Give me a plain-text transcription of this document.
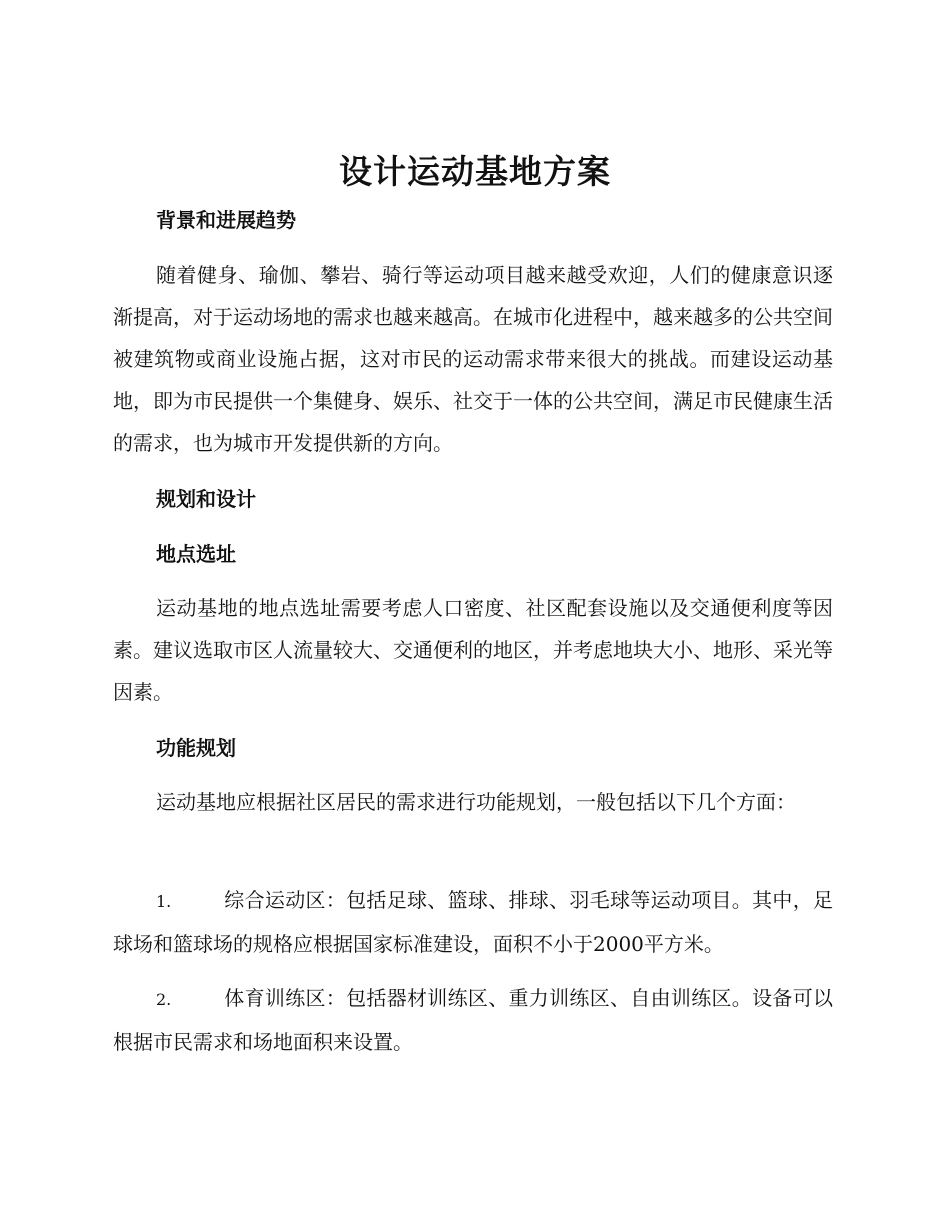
设计运动基地方案
背景和进展趋势
随着健身、瑜伽、攀岩、骑行等运动项目越来越受欢迎，人们的健康意识逐渐提高，对于运动场地的需求也越来越高。在城市化进程中，越来越多的公共空间被建筑物或商业设施占据，这对市民的运动需求带来很大的挑战。而建设运动基地，即为市民提供一个集健身、娱乐、社交于一体的公共空间，满足市民健康生活的需求，也为城市开发提供新的方向。
规划和设计
地点选址
运动基地的地点选址需要考虑人口密度、社区配套设施以及交通便利度等因素。建议选取市区人流量较大、交通便利的地区，并考虑地块大小、地形、采光等因素。
功能规划
运动基地应根据社区居民的需求进行功能规划，一般包括以下几个方面：
1.	综合运动区：包括足球、篮球、排球、羽毛球等运动项目。其中，足球场和篮球场的规格应根据国家标准建设，面积不小于2000平方米。
2.	体育训练区：包括器材训练区、重力训练区、自由训练区。设备可以根据市民需求和场地面积来设置。
